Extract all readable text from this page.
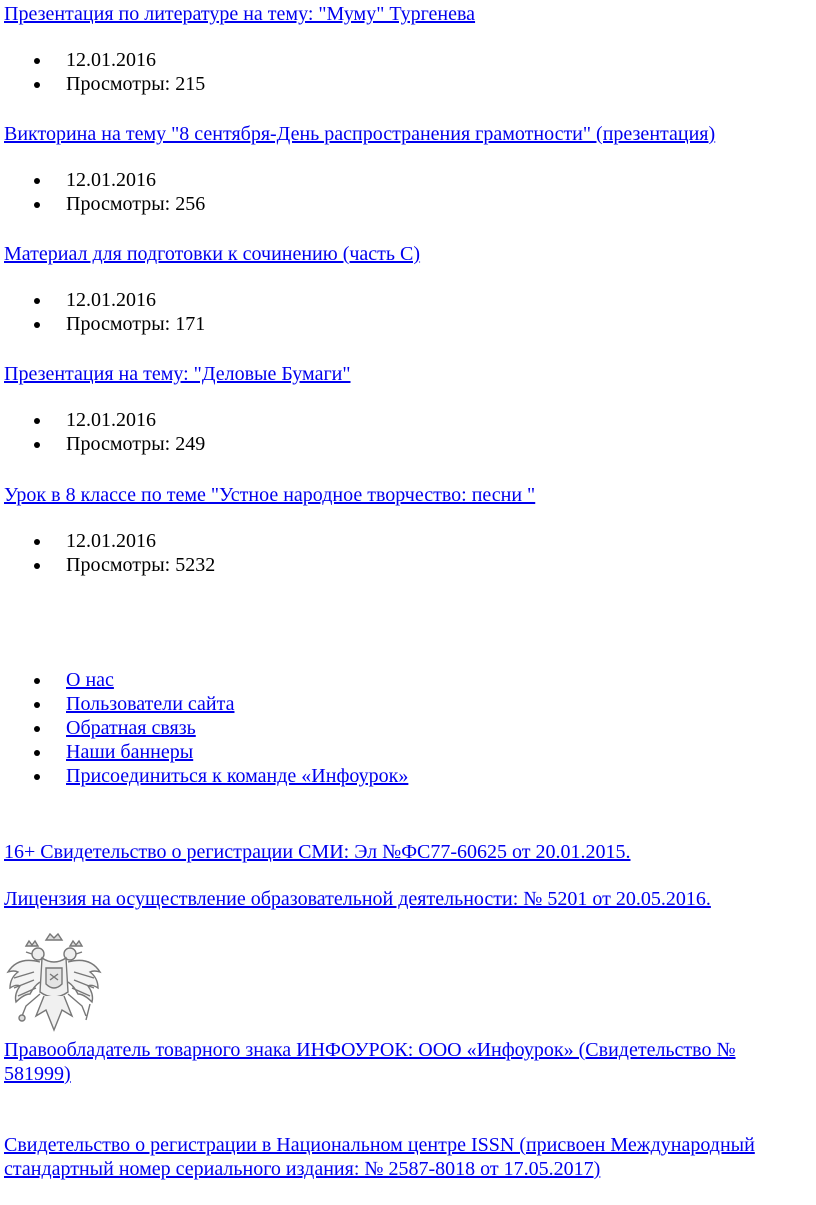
Презентация по литературе на тему: "Муму" Тургенева
12.01.2016
Просмотры: 215
Викторина на тему "8 сентября-День распространения грамотности" (презентация)
12.01.2016
Просмотры: 256
Материал для подготовки к сочинению (часть С)
12.01.2016
Просмотры: 171
Презентация на тему: "Деловые Бумаги"
12.01.2016
Просмотры: 249
Урок в 8 классе по теме "Устное народное творчество: песни "
12.01.2016
Просмотры: 5232
О нас
Пользователи сайта
Обратная связь
Наши баннеры
Присоединиться к команде «Инфоурок»
16+ Свидетельство о регистрации СМИ: Эл №ФС77-60625 от 20.01.2015.
Лицензия на осуществление образовательной деятельности: № 5201 от 20.05.2016.
Правообладатель товарного знака ИНФОУРОК: ООО «Инфоурок» (Свидетельство № 581999)
Свидетельство о регистрации в Национальном центре ISSN (присвоен Международный стандартный номер сериального издания: № 2587-8018 от 17.05.2017)
